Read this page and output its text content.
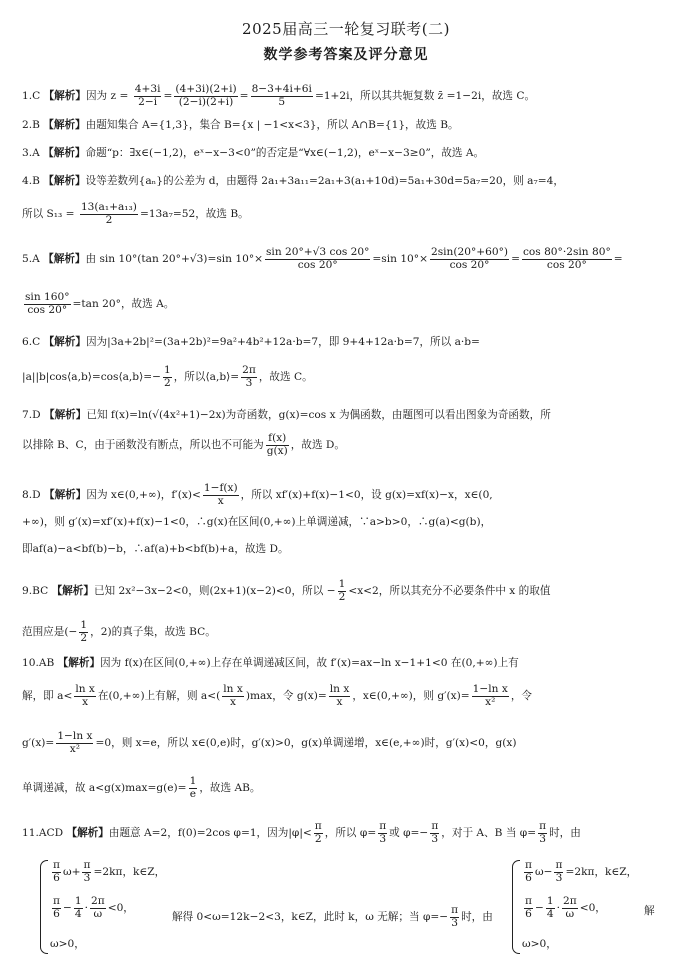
2025届高三一轮复习联考(二)
数学参考答案及评分意见
1.C 【解析】因为 $z = \frac{4+3i}{2-i} = \frac{(4+3i)(2+i)}{(2-i)(2+i)} = \frac{8-3+4i+6i}{5} =1+2i$，所以其共轭复数 z̄ =1−2i，故选 C。
2.B 【解析】由题知集合 A={1,3}，集合 B={x | −1<x<3}，所以 A∩B={1}，故选 B。
3.A 【解析】命题“p：∃x∈(−1,2)，eˣ−x−3<0”的否定是“∀x∈(−1,2)，eˣ−x−3≥0”，故选 A。
4.B 【解析】设等差数列{aₙ}的公差为 d，由题得 2a₁+3a₁₁=2a₁+3(a₁+10d)=5a₁+30d=5a₇=20，则 a₇=4，
所以 $S_{13} = \frac{\text{13(a₁+a₁₃)}}{2} =13a_7=52$，故选 B。
5.A 【解析】由 sin 10°(tan 20°+√3)=sin $10^\circ\times \frac{\sin 20^\circ+√3 \cos 20^\circ}{\cos 20^\circ} =\sin$ $10^\circ\times \frac{2\sin(20^\circ+60^\circ)}{\cos 20^\circ} = \frac{\cos 80^\circ\cdot 2\sin 80^\circ}{\cos 20^\circ}$ =
$\frac{\sin 160^\circ}{\cos 20^\circ} =\tan$ 20°，故选 A。
6.C 【解析】因为|3a+2b|²=(3a+2b)²=9a²+4b²+12a·b=7，即 9+4+12a·b=7，所以 a·b=
|a||b|cos⟨a,b⟩=cos⟨a,b⟩=− $\frac{1}{2}$ ，所以⟨a,b⟩= $\frac{2\pi}{3}$ ，故选 C。
7.D 【解析】已知 f(x)=ln(√(4x²+1)−2x)为奇函数，g(x)=cos x 为偶函数，由题图可以看出图象为奇函数，所
以排除 B、C，由于函数没有断点，所以也不可能为 $\frac{f(x)}{g(x)}$ ，故选 D。
8.D 【解析】因为 x∈(0,+∞)，$f'(x)< \frac{1-f(x)}{x}$ ，所以 xf′(x)+f(x)−1<0，设 g(x)=xf(x)−x，x∈(0,
+∞)，则 g′(x)=xf′(x)+f(x)−1<0，∴g(x)在区间(0,+∞)上单调递减，∵a>b>0，∴g(a)<g(b)，
即af(a)−a<bf(b)−b，∴af(a)+b<bf(b)+a，故选 D。
9.BC 【解析】已知 2x²−3x−2<0，则(2x+1)(x−2)<0，所以 − $\frac{1}{2} <x<2$，所以其充分不必要条件中 x 的取值
范围应是(− $\frac{1}{2}$ ，2)的真子集，故选 BC。
10.AB 【解析】因为 f(x)在区间(0,+∞)上存在单调递减区间，故 f′(x)=ax−ln x−1+1<0 在(0,+∞)上有
解，即 $a< \frac{\text{ln x}}{x}$ 在(0,+∞)上有解，则 $a<( \frac{\text{ln x}}{x} )\max$，令 $g(x)= \frac{\text{ln x}}{x}$ ，x∈(0,+∞)，则 $g'(x)= \frac{\text{1−ln x}}{\text{x²}}$ ，令
$g'(x)= \frac{\text{1−ln x}}{\text{x²}} =0$，则 x=e，所以 x∈(0,e)时，g′(x)>0，g(x)单调递增，x∈(e,+∞)时，g′(x)<0，g(x)
单调递减，故 $a<g(x)\max=g(e)= \frac{1}{e}$ ，故选 AB。
11.ACD 【解析】由题意 A=2，f(0)=2cos φ=1，因为$|\varphi|< \frac{\pi}{2}$ ，所以 $\varphi= \frac{\pi}{3}$ 或 $\varphi=- \frac{\pi}{3}$ ，对于 A、B 当 $\varphi= \frac{\pi}{3}$ 时，由
$\frac{\pi}{6} \omega+ \frac{\pi}{3} =2k\pi$，k∈Z，
$\frac{\pi}{6} - \frac{1}{4} \cdot \frac{2\pi}{\omega} <0$，
ω>0，
解得 0<ω=12k−2<3，k∈Z，此时 k，ω 无解；当 $\varphi=- \frac{\pi}{3}$ 时，由
$\frac{\pi}{6} \omega- \frac{\pi}{3} =2k\pi$，k∈Z，
$\frac{\pi}{6} - \frac{1}{4} \cdot \frac{2\pi}{\omega} <0$，
ω>0，
解
